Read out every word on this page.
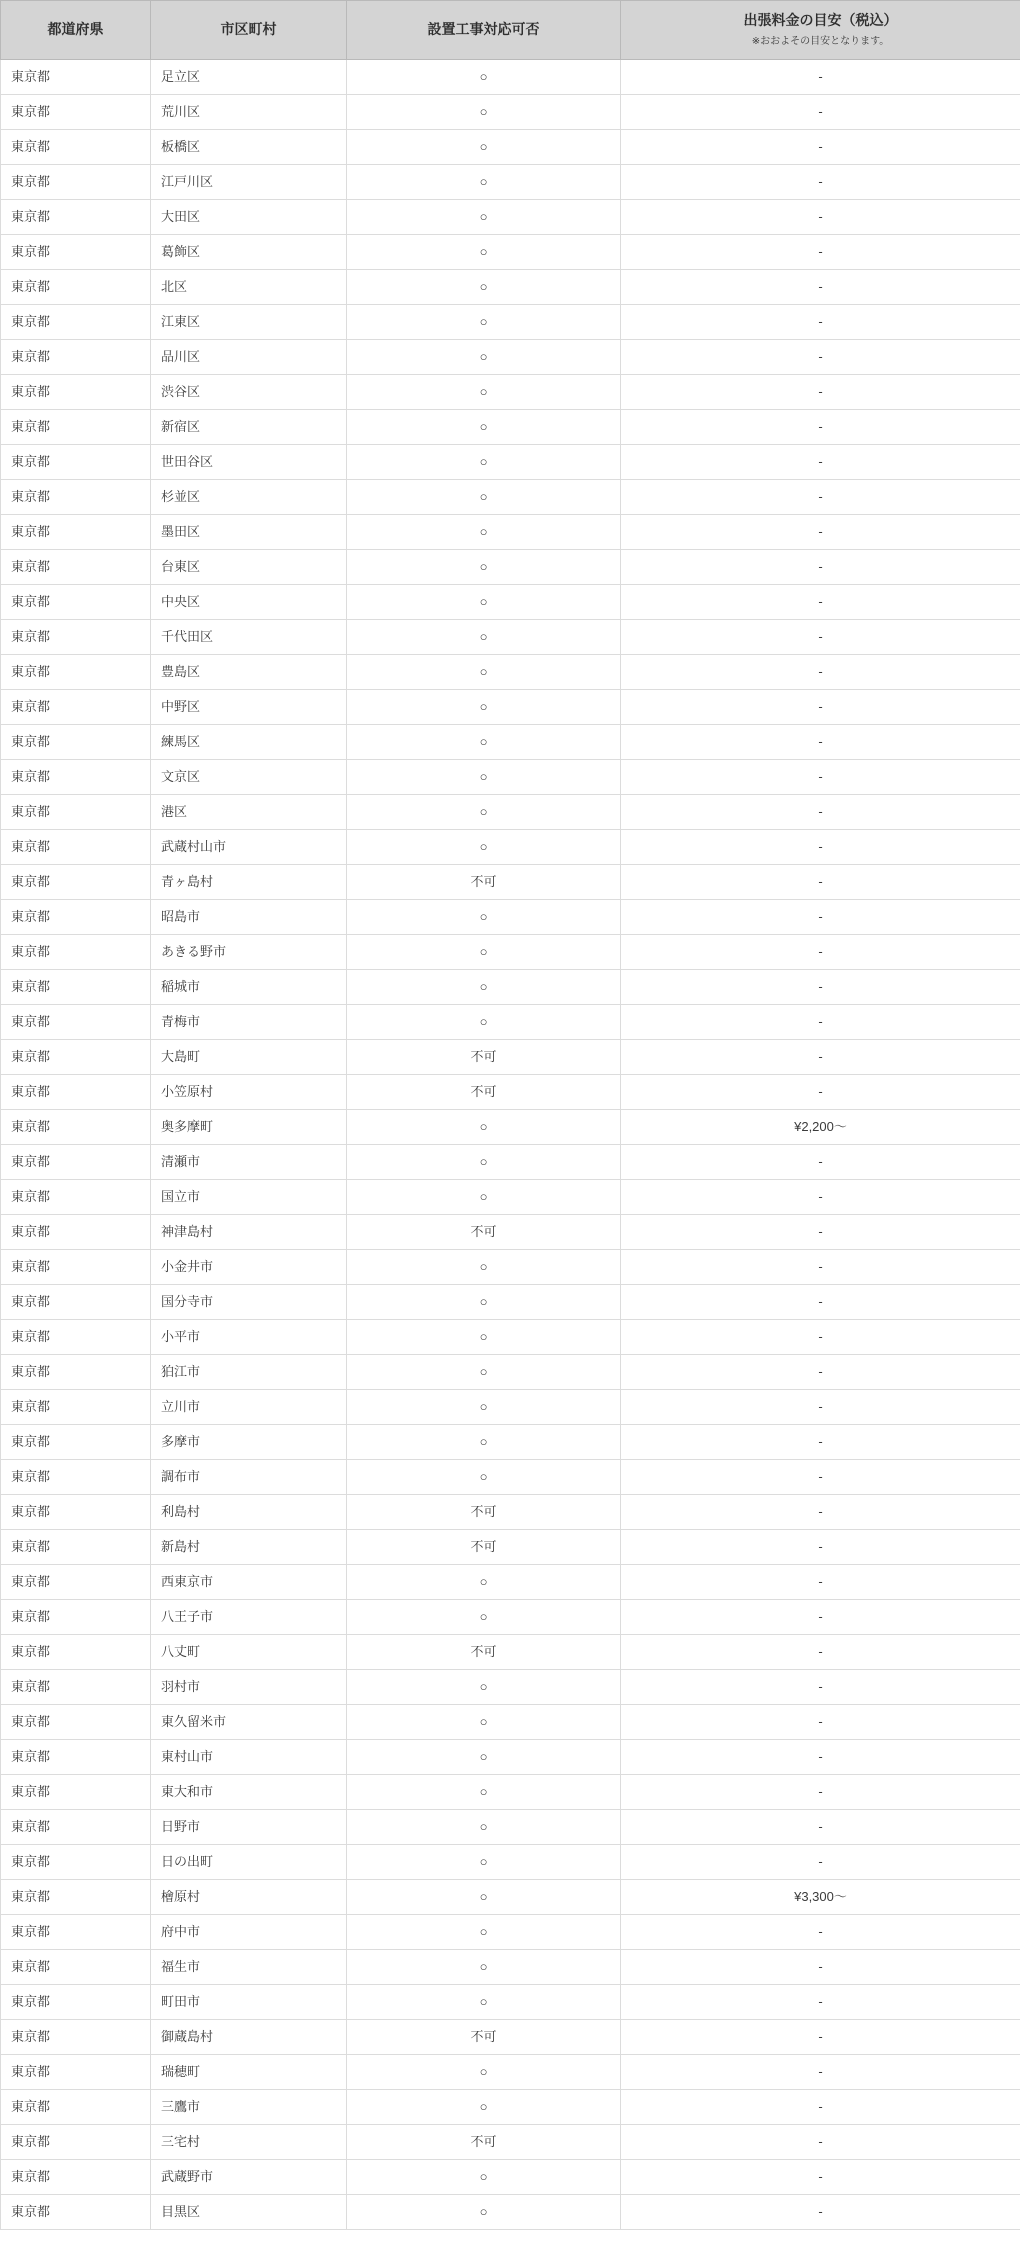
都道府県	市区町村	設置工事対応可否	出張料金の目安（税込）
※おおよその目安となります。

東京都	足立区	○	-
東京都	荒川区	○	-
東京都	板橋区	○	-
東京都	江戸川区	○	-
東京都	大田区	○	-
東京都	葛飾区	○	-
東京都	北区	○	-
東京都	江東区	○	-
東京都	品川区	○	-
東京都	渋谷区	○	-
東京都	新宿区	○	-
東京都	世田谷区	○	-
東京都	杉並区	○	-
東京都	墨田区	○	-
東京都	台東区	○	-
東京都	中央区	○	-
東京都	千代田区	○	-
東京都	豊島区	○	-
東京都	中野区	○	-
東京都	練馬区	○	-
東京都	文京区	○	-
東京都	港区	○	-
東京都	武蔵村山市	○	-
東京都	青ヶ島村	不可	-
東京都	昭島市	○	-
東京都	あきる野市	○	-
東京都	稲城市	○	-
東京都	青梅市	○	-
東京都	大島町	不可	-
東京都	小笠原村	不可	-
東京都	奥多摩町	○	¥2,200〜
東京都	清瀬市	○	-
東京都	国立市	○	-
東京都	神津島村	不可	-
東京都	小金井市	○	-
東京都	国分寺市	○	-
東京都	小平市	○	-
東京都	狛江市	○	-
東京都	立川市	○	-
東京都	多摩市	○	-
東京都	調布市	○	-
東京都	利島村	不可	-
東京都	新島村	不可	-
東京都	西東京市	○	-
東京都	八王子市	○	-
東京都	八丈町	不可	-
東京都	羽村市	○	-
東京都	東久留米市	○	-
東京都	東村山市	○	-
東京都	東大和市	○	-
東京都	日野市	○	-
東京都	日の出町	○	-
東京都	檜原村	○	¥3,300〜
東京都	府中市	○	-
東京都	福生市	○	-
東京都	町田市	○	-
東京都	御蔵島村	不可	-
東京都	瑞穂町	○	-
東京都	三鷹市	○	-
東京都	三宅村	不可	-
東京都	武蔵野市	○	-
東京都	目黒区	○	-
